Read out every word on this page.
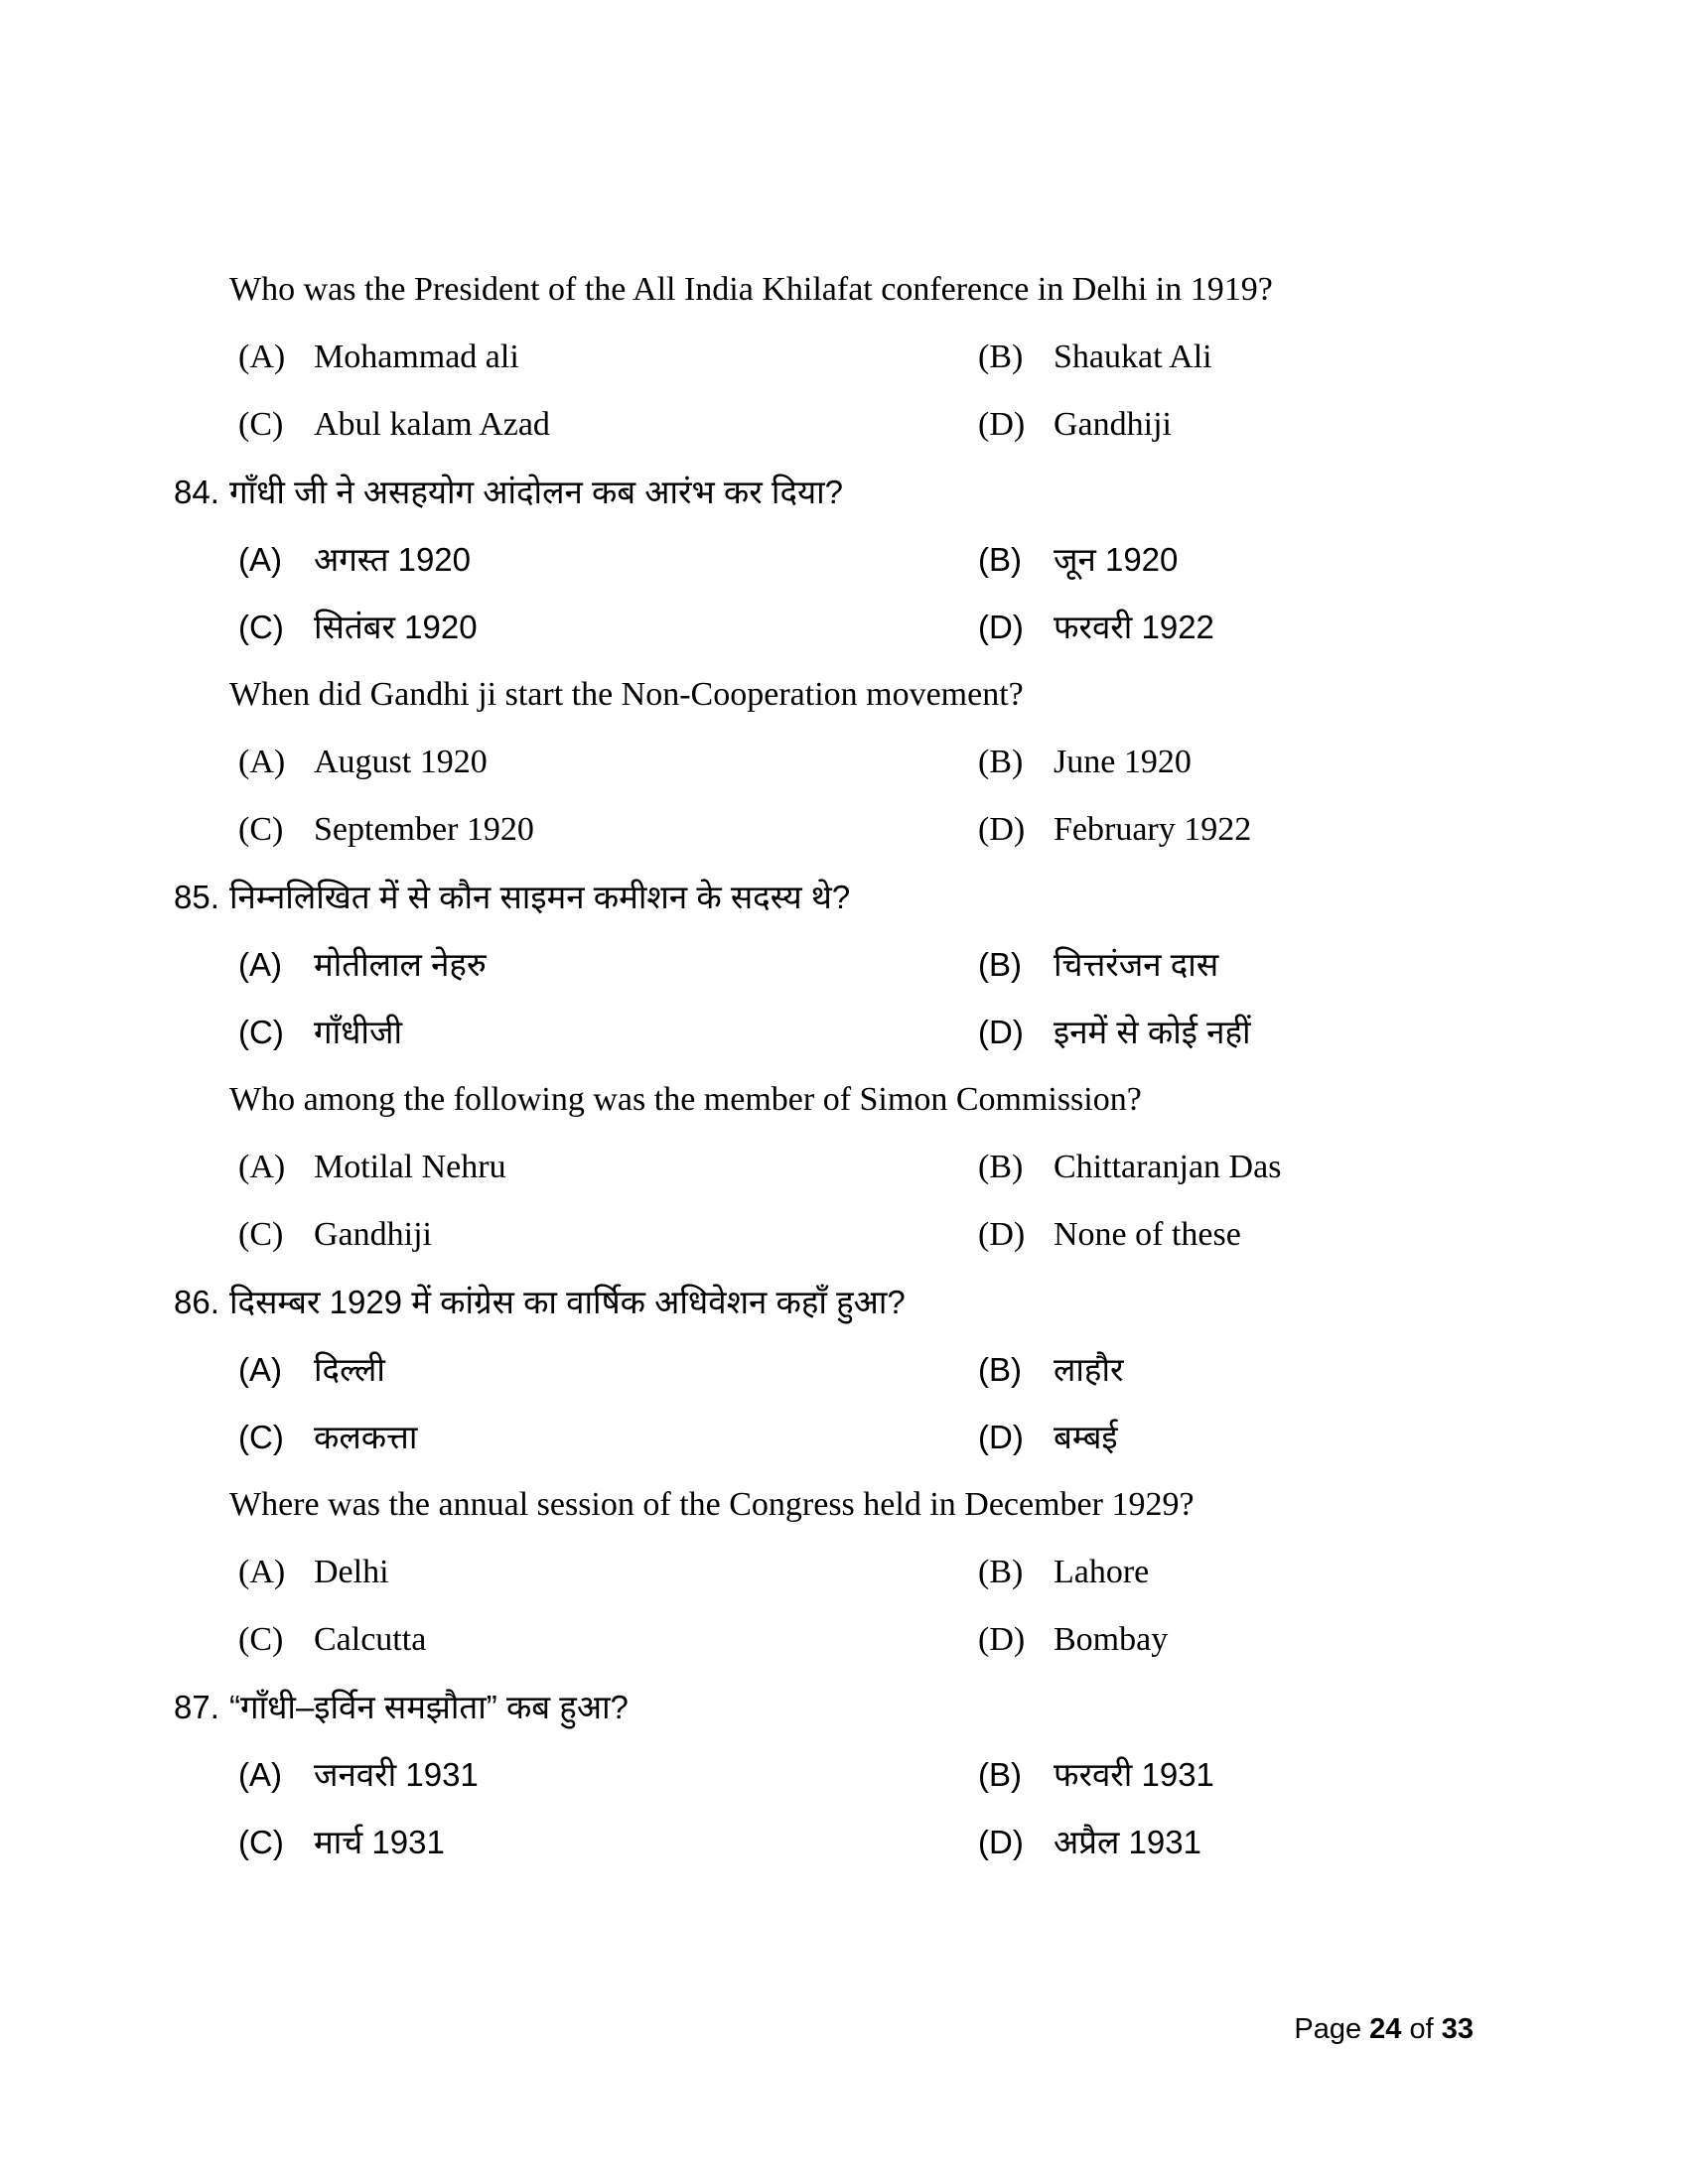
Who was the President of the All India Khilafat conference in Delhi in 1919?
(A) Mohammad ali	(B) Shaukat Ali
(C) Abul kalam Azad	(D) Gandhiji
84. गाँधी जी ने असहयोग आंदोलन कब आरंभ कर दिया?
(A) अगस्त 1920	(B) जून 1920
(C) सितंबर 1920	(D) फरवरी 1922
When did Gandhi ji start the Non-Cooperation movement?
(A) August 1920	(B) June 1920
(C) September 1920	(D) February 1922
85. निम्नलिखित में से कौन साइमन कमीशन के सदस्य थे?
(A) मोतीलाल नेहरु	(B) चित्तरंजन दास
(C) गाँधीजी	(D) इनमें से कोई नहीं
Who among the following was the member of Simon Commission?
(A) Motilal Nehru	(B) Chittaranjan Das
(C) Gandhiji	(D) None of these
86. दिसम्बर 1929 में कांग्रेस का वार्षिक अधिवेशन कहाँ हुआ?
(A) दिल्ली	(B) लाहौर
(C) कलकत्ता	(D) बम्बई
Where was the annual session of the Congress held in December 1929?
(A) Delhi	(B) Lahore
(C) Calcutta	(D) Bombay
87. “गाँधी–इर्विन समझौता” कब हुआ?
(A) जनवरी 1931	(B) फरवरी 1931
(C) मार्च 1931	(D) अप्रैल 1931
Page 24 of 33
